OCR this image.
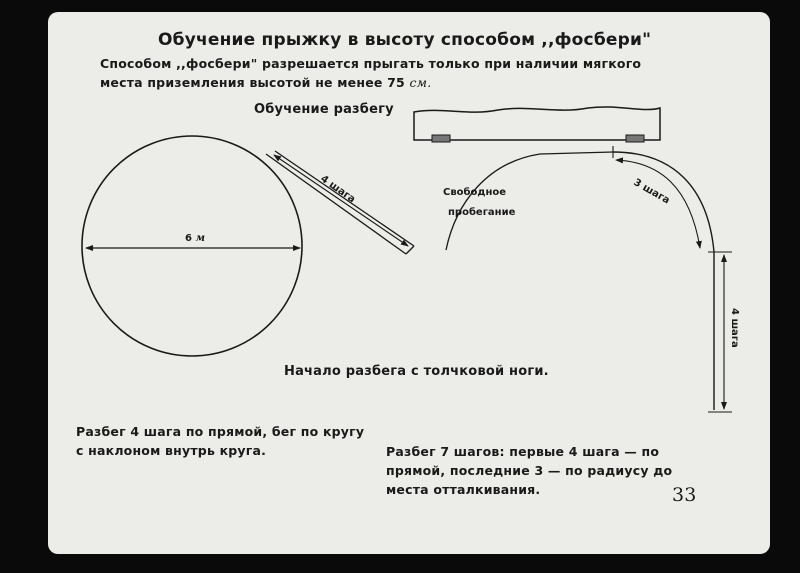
Обучение прыжку в высоту способом ,,фосбери"

Способом ,,фосбери" разрешается прыгать только при наличии мягкого места приземления высотой не менее 75 см.

Обучение разбегу

6 м
4 шага	Свободное
пробегание
3 шага
4 шага

Начало разбега с толчковой ноги.

Разбег 4 шага по прямой, бег по кругу с наклоном внутрь круга.	Разбег 7 шагов: первые 4 шага — по прямой, последние 3 — по радиусу до места отталкивания.	33
